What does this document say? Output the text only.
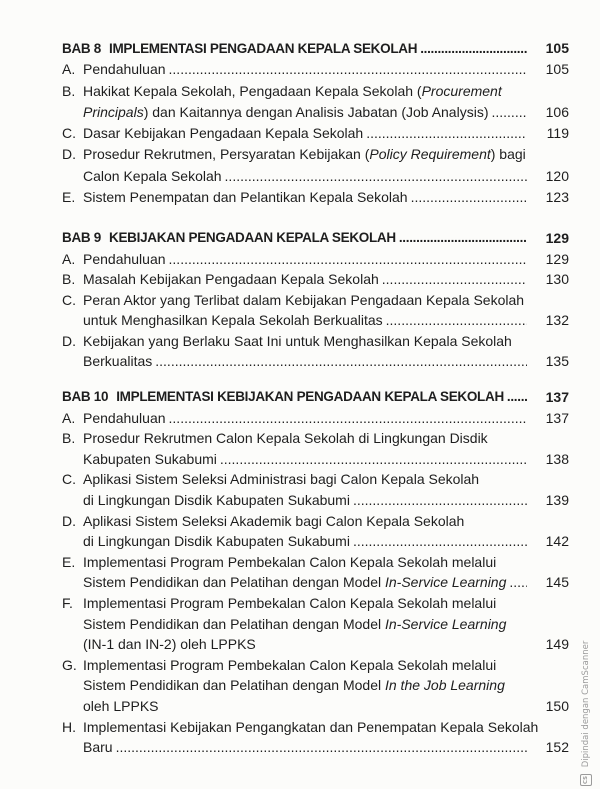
BAB 8 IMPLEMENTASI PENGADAAN KEPALA SEKOLAH .....	105
A. Pendahuluan .....	105
B. Hakikat Kepala Sekolah, Pengadaan Kepala Sekolah (Procurement
Principals) dan Kaitannya dengan Analisis Jabatan (Job Analysis) .....	106
C. Dasar Kebijakan Pengadaan Kepala Sekolah .....	119
D. Prosedur Rekrutmen, Persyaratan Kebijakan (Policy Requirement) bagi
Calon Kepala Sekolah .....	120
E. Sistem Penempatan dan Pelantikan Kepala Sekolah .....	123
BAB 9 KEBIJAKAN PENGADAAN KEPALA SEKOLAH .....	129
A. Pendahuluan .....	129
B. Masalah Kebijakan Pengadaan Kepala Sekolah .....	130
C. Peran Aktor yang Terlibat dalam Kebijakan Pengadaan Kepala Sekolah
untuk Menghasilkan Kepala Sekolah Berkualitas .....	132
D. Kebijakan yang Berlaku Saat Ini untuk Menghasilkan Kepala Sekolah
Berkualitas .....	135
BAB 10 IMPLEMENTASI KEBIJAKAN PENGADAAN KEPALA SEKOLAH .....	137
A. Pendahuluan .....	137
B. Prosedur Rekrutmen Calon Kepala Sekolah di Lingkungan Disdik
Kabupaten Sukabumi .....	138
C. Aplikasi Sistem Seleksi Administrasi bagi Calon Kepala Sekolah
di Lingkungan Disdik Kabupaten Sukabumi .....	139
D. Aplikasi Sistem Seleksi Akademik bagi Calon Kepala Sekolah
di Lingkungan Disdik Kabupaten Sukabumi .....	142
E. Implementasi Program Pembekalan Calon Kepala Sekolah melalui
Sistem Pendidikan dan Pelatihan dengan Model In-Service Learning .....	145
F. Implementasi Program Pembekalan Calon Kepala Sekolah melalui
Sistem Pendidikan dan Pelatihan dengan Model In-Service Learning
(IN-1 dan IN-2) oleh LPPKS	149
G. Implementasi Program Pembekalan Calon Kepala Sekolah melalui
Sistem Pendidikan dan Pelatihan dengan Model In the Job Learning
oleh LPPKS	150
H. Implementasi Kebijakan Pengangkatan dan Penempatan Kepala Sekolah
Baru .....	152
CS Dipindai dengan CamScanner
